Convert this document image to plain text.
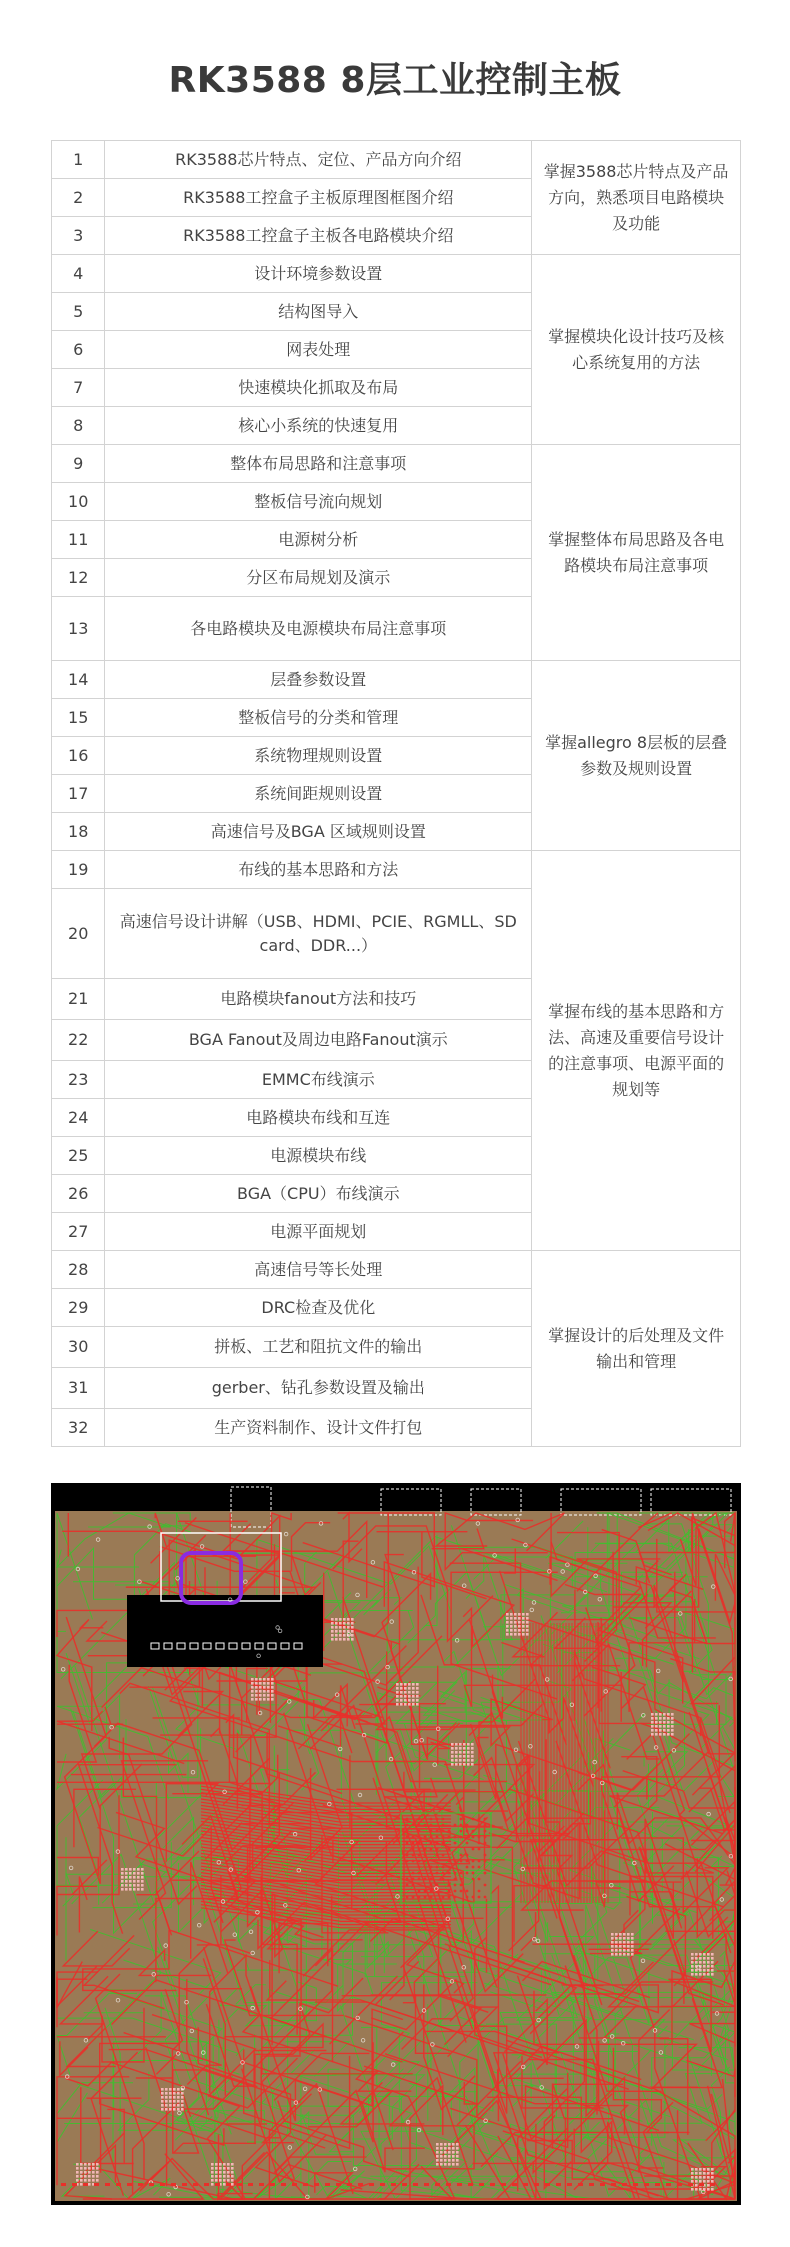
RK3588 8层工业控制主板
1	RK3588芯片特点、定位、产品方向介绍	掌握3588芯片特点及产品方向，熟悉项目电路模块及功能
2	RK3588工控盒子主板原理图框图介绍	
3	RK3588工控盒子主板各电路模块介绍	
4	设计环境参数设置	掌握模块化设计技巧及核心系统复用的方法
5	结构图导入	
6	网表处理	
7	快速模块化抓取及布局	
8	核心小系统的快速复用	
9	整体布局思路和注意事项	掌握整体布局思路及各电路模块布局注意事项
10	整板信号流向规划	
11	电源树分析	
12	分区布局规划及演示	
13	各电路模块及电源模块布局注意事项	
14	层叠参数设置	掌握allegro 8层板的层叠参数及规则设置
15	整板信号的分类和管理	
16	系统物理规则设置	
17	系统间距规则设置	
18	高速信号及BGA 区域规则设置	
19	布线的基本思路和方法	掌握布线的基本思路和方法、高速及重要信号设计的注意事项、电源平面的规划等
20	高速信号设计讲解（USB、HDMI、PCIE、RGMLL、SD card、DDR...）	
21	电路模块fanout方法和技巧	
22	BGA Fanout及周边电路Fanout演示	
23	EMMC布线演示	
24	电路模块布线和互连	
25	电源模块布线	
26	BGA（CPU）布线演示	
27	电源平面规划	
28	高速信号等长处理	掌握设计的后处理及文件输出和管理
29	DRC检查及优化	
30	拼板、工艺和阻抗文件的输出	
31	gerber、钻孔参数设置及输出	
32	生产资料制作、设计文件打包	
